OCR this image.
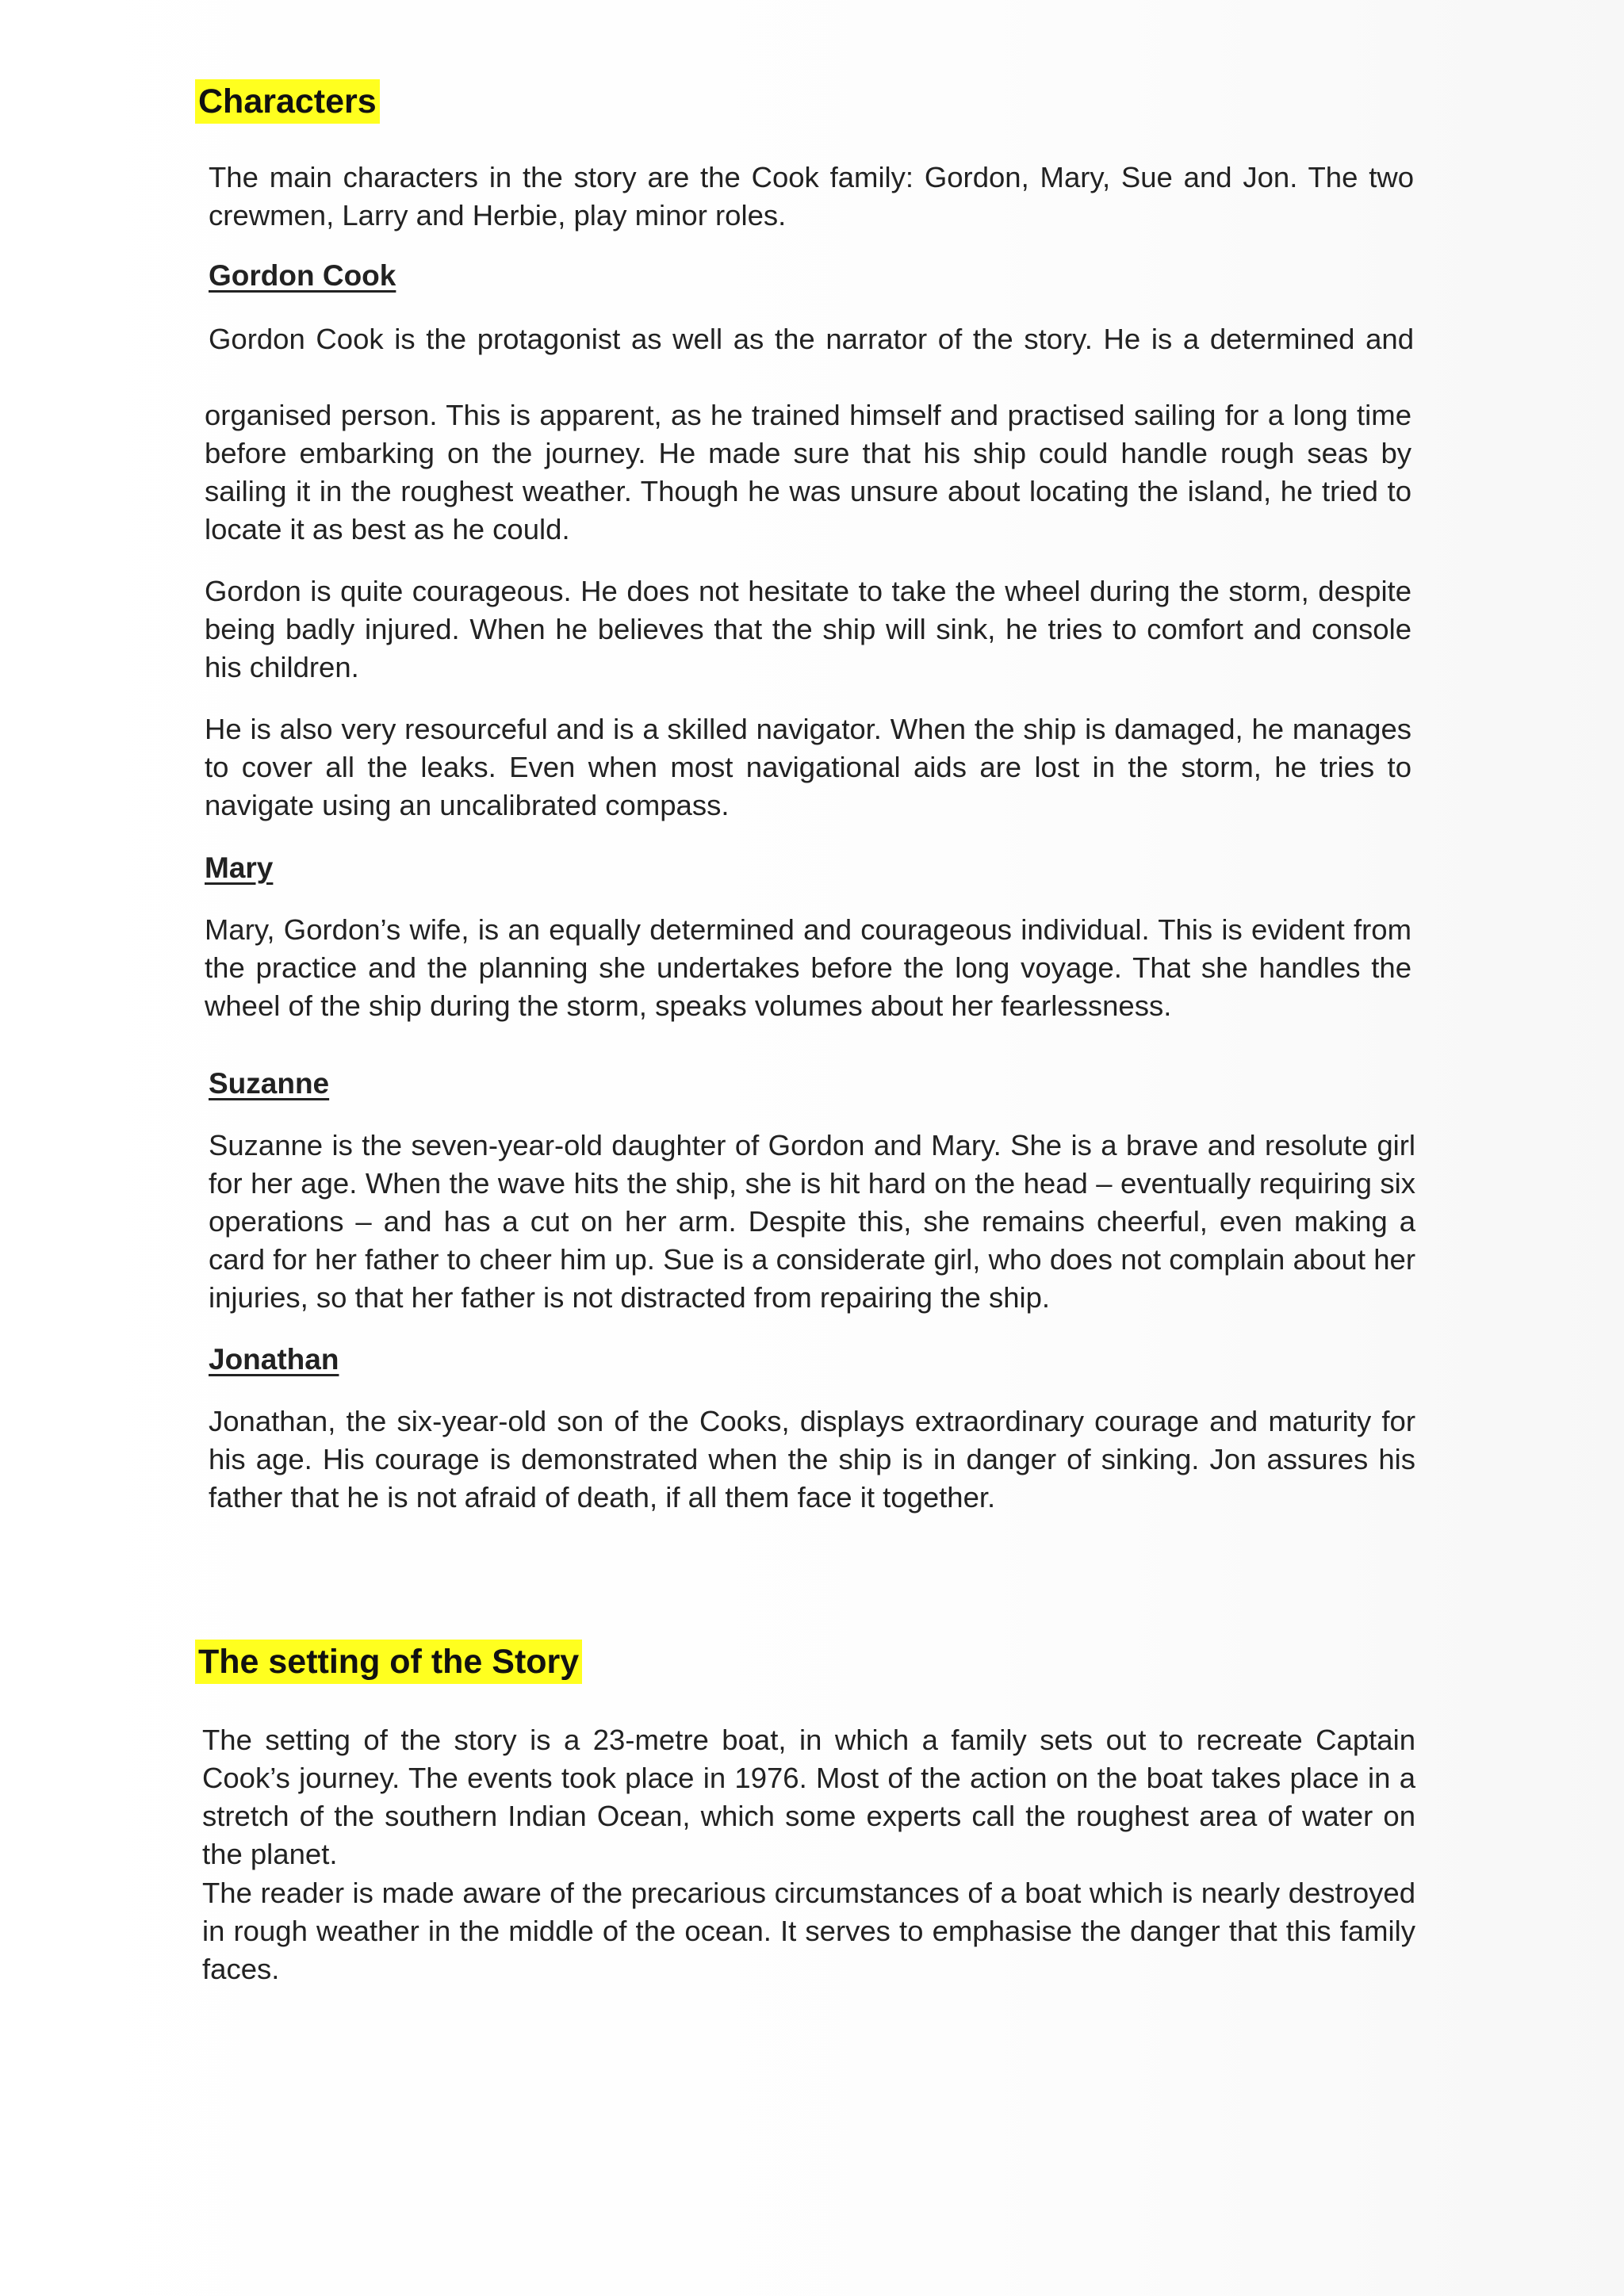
Characters
The main characters in the story are the Cook family: Gordon, Mary, Sue and Jon. The two crewmen, Larry and Herbie, play minor roles.
Gordon Cook
Gordon Cook is the protagonist as well as the narrator of the story. He is a determined and
organised person. This is apparent, as he trained himself and practised sailing for a long time before embarking on the journey. He made sure that his ship could handle rough seas by sailing it in the roughest weather. Though he was unsure about locating the island, he tried to locate it as best as he could.
Gordon is quite courageous. He does not hesitate to take the wheel during the storm, despite being badly injured. When he believes that the ship will sink, he tries to comfort and console his children.
He is also very resourceful and is a skilled navigator. When the ship is damaged, he manages to cover all the leaks. Even when most navigational aids are lost in the storm, he tries to navigate using an uncalibrated compass.
Mary
Mary, Gordon’s wife, is an equally determined and courageous individual. This is evident from the practice and the planning she undertakes before the long voyage. That she handles the wheel of the ship during the storm, speaks volumes about her fearlessness.
Suzanne
Suzanne is the seven-year-old daughter of Gordon and Mary. She is a brave and resolute girl for her age. When the wave hits the ship, she is hit hard on the head – eventually requiring six operations – and has a cut on her arm. Despite this, she remains cheerful, even making a card for her father to cheer him up. Sue is a considerate girl, who does not complain about her injuries, so that her father is not distracted from repairing the ship.
Jonathan
Jonathan, the six-year-old son of the Cooks, displays extraordinary courage and maturity for his age. His courage is demonstrated when the ship is in danger of sinking. Jon assures his father that he is not afraid of death, if all them face it together.
The setting of the Story
The setting of the story is a 23-metre boat, in which a family sets out to recreate Captain Cook’s journey. The events took place in 1976. Most of the action on the boat takes place in a stretch of the southern Indian Ocean, which some experts call the roughest area of water on the planet.
The reader is made aware of the precarious circumstances of a boat which is nearly destroyed in rough weather in the middle of the ocean. It serves to emphasise the danger that this family faces.
